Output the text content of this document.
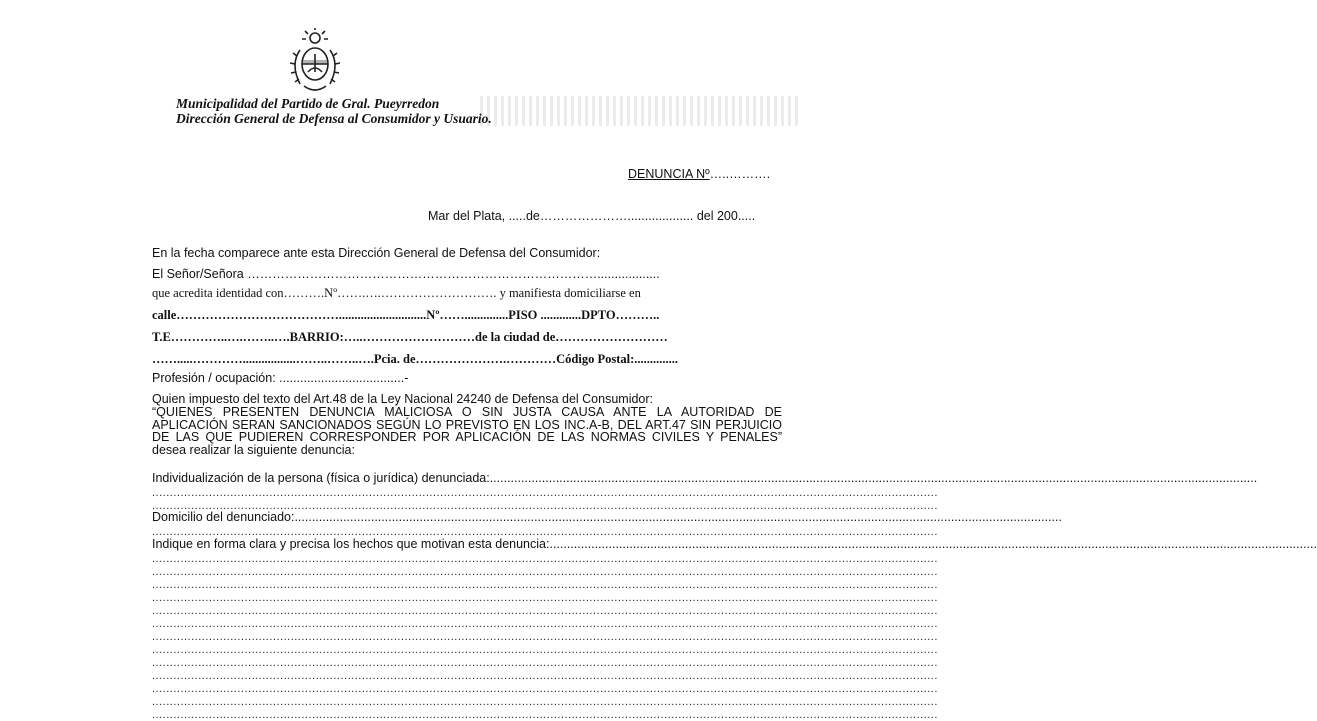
Municipalidad del Partido de Gral. Pueyrredon
Dirección General de Defensa al Consumidor y Usuario.
DENUNCIA Nº…..……….
Mar del Plata, .....de…………………................... del 200.....
En la fecha comparece ante esta Dirección General de Defensa del Consumidor:
El Señor/Señora …………………………………………………………………………..................
que acredita identidad con……….Nº…….….………………………. y manifiesta domiciliarse en
calle…………………………………............................Nº……..............PISO .............DPTO………..
T.E…………..….……..….BARRIO:…..………………………de la ciudad de………………………
…….....………….................……..……..….Pcia. de………………….…………Código Postal:..............
Profesión / ocupación: ....................................-
Quien impuesto del texto del Art.48 de la Ley Nacional 24240 de Defensa del Consumidor:
“QUIENES PRESENTEN DENUNCIA MALICIOSA O SIN JUSTA CAUSA ANTE LA AUTORIDAD DE APLICACIÓN SERAN SANCIONADOS SEGÚN LO PREVISTO EN LOS INC.A-B, DEL ART.47 SIN PERJUICIO DE LAS QUE PUDIEREN CORRESPONDER POR APLICACIÓN DE LAS NORMAS CIVILES Y PENALES” desea realizar la siguiente denuncia:
Individualización de la persona (física o jurídica) denunciada:.............................................................................................................................................................................................................................
.............................................................................................................................................................................................................................
.............................................................................................................................................................................................................................
Domicilio del denunciado:.............................................................................................................................................................................................................................
.............................................................................................................................................................................................................................
Indique en forma clara y precisa los hechos que motivan esta denuncia:.............................................................................................................................................................................................................................
.............................................................................................................................................................................................................................
.............................................................................................................................................................................................................................
.............................................................................................................................................................................................................................
.............................................................................................................................................................................................................................
.............................................................................................................................................................................................................................
.............................................................................................................................................................................................................................
.............................................................................................................................................................................................................................
.............................................................................................................................................................................................................................
.............................................................................................................................................................................................................................
.............................................................................................................................................................................................................................
.............................................................................................................................................................................................................................
.............................................................................................................................................................................................................................
.............................................................................................................................................................................................................................
